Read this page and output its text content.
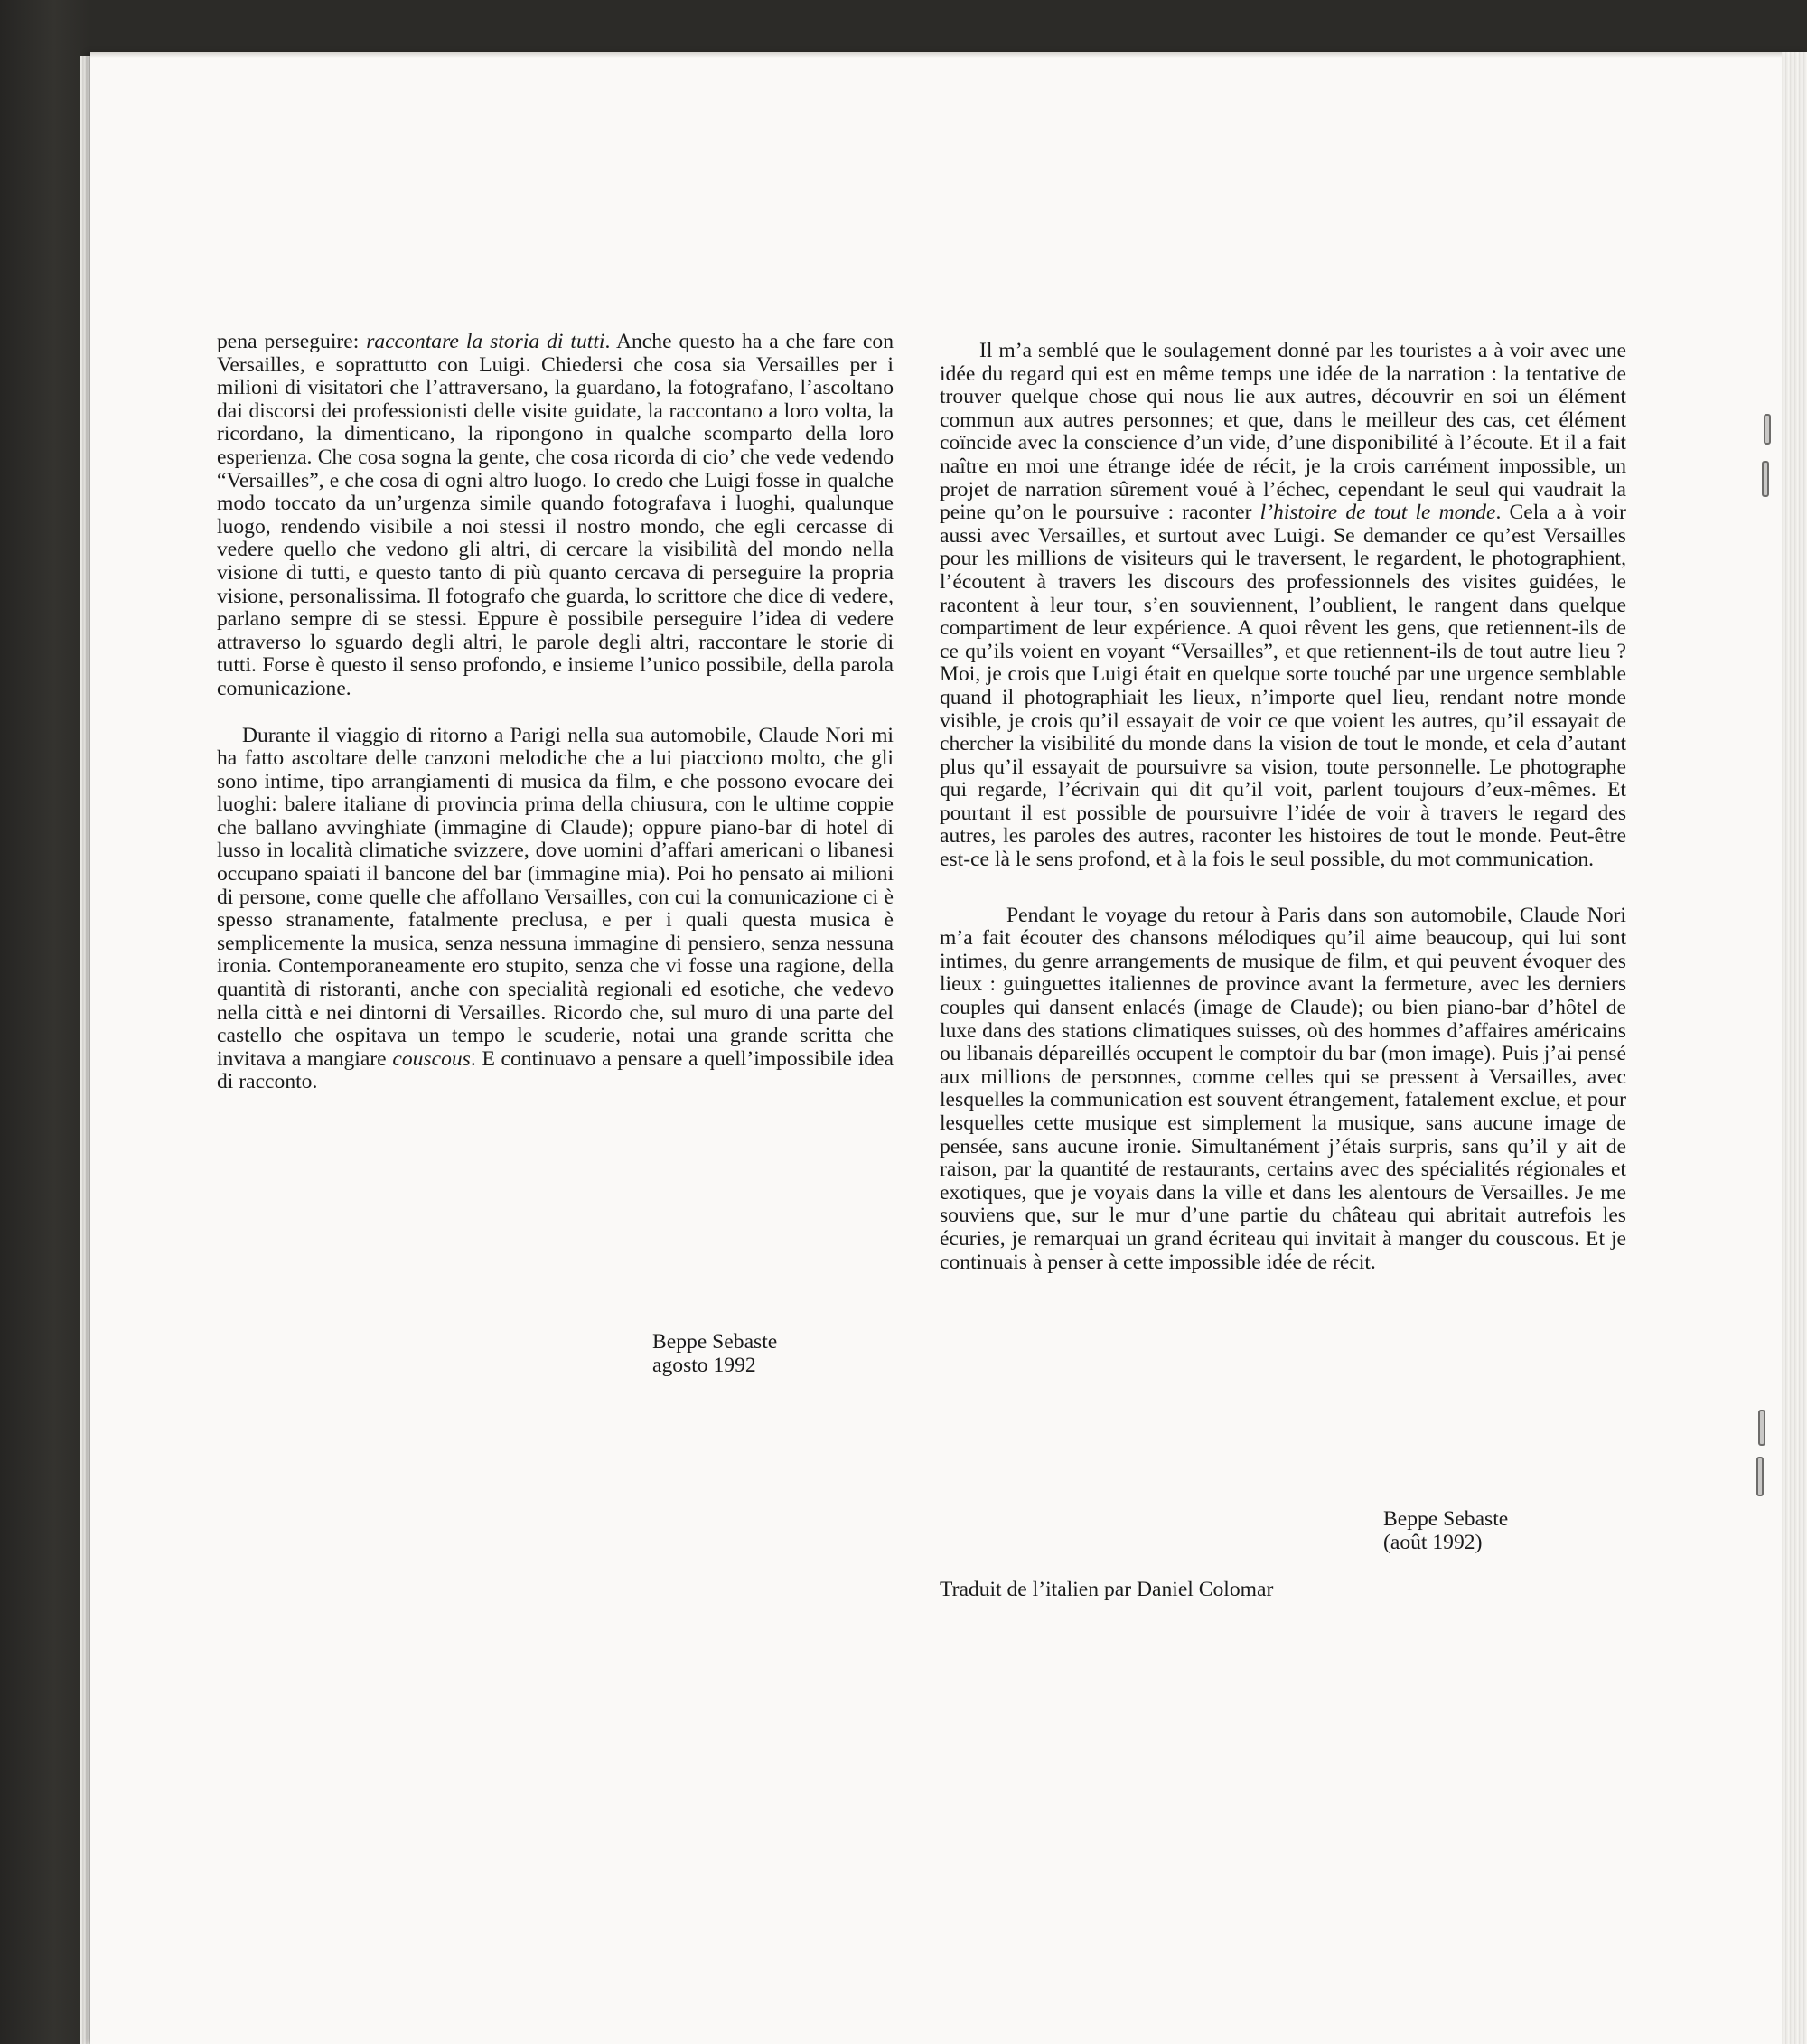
pena perseguire: raccontare la storia di tutti. Anche questo ha a che fare con Versailles, e soprattutto con Luigi. Chiedersi che cosa sia Versailles per i milioni di visitatori che l’attraversano, la guardano, la fotografano, l’ascoltano dai discorsi dei professionisti delle visite guidate, la raccontano a loro volta, la ricordano, la dimenticano, la ripongono in qualche scomparto della loro esperienza. Che cosa sogna la gente, che cosa ricorda di cio’ che vede vedendo “Versailles”, e che cosa di ogni altro luogo. Io credo che Luigi fosse in qualche modo toccato da un’urgenza simile quando fotografava i luoghi, qualunque luogo, rendendo visibile a noi stessi il nostro mondo, che egli cercasse di vedere quello che vedono gli altri, di cercare la visibilità del mondo nella visione di tutti, e questo tanto di più quanto cercava di perseguire la propria visione, personalissima. Il fotografo che guarda, lo scrittore che dice di vedere, parlano sempre di se stessi. Eppure è possibile perseguire l’idea di vedere attraverso lo sguardo degli altri, le parole degli altri, raccontare le storie di tutti. Forse è questo il senso profondo, e insieme l’unico possibile, della parola comunicazione.

Durante il viaggio di ritorno a Parigi nella sua automobile, Claude Nori mi ha fatto ascoltare delle canzoni melodiche che a lui piacciono molto, che gli sono intime, tipo arrangiamenti di musica da film, e che possono evocare dei luoghi: balere italiane di provincia prima della chiusura, con le ultime coppie che ballano avvinghiate (immagine di Claude); oppure piano-bar di hotel di lusso in località climatiche svizzere, dove uomini d’affari americani o libanesi occupano spaiati il bancone del bar (immagine mia). Poi ho pensato ai milioni di persone, come quelle che affollano Versailles, con cui la comunicazione ci è spesso stranamente, fatalmente preclusa, e per i quali questa musica è semplicemente la musica, senza nessuna immagine di pensiero, senza nessuna ironia. Contemporaneamente ero stupito, senza che vi fosse una ragione, della quantità di ristoranti, anche con specialità regionali ed esotiche, che vedevo nella città e nei dintorni di Versailles. Ricordo che, sul muro di una parte del castello che ospitava un tempo le scuderie, notai una grande scritta che invitava a mangiare couscous. E continuavo a pensare a quell’impossibile idea di racconto.

Beppe Sebaste
agosto 1992

Il m’a semblé que le soulagement donné par les touristes a à voir avec une idée du regard qui est en même temps une idée de la narration : la tentative de trouver quelque chose qui nous lie aux autres, découvrir en soi un élément commun aux autres personnes; et que, dans le meilleur des cas, cet élément coïncide avec la conscience d’un vide, d’une disponibilité à l’écoute. Et il a fait naître en moi une étrange idée de récit, je la crois carrément impossible, un projet de narration sûrement voué à l’échec, cependant le seul qui vaudrait la peine qu’on le poursuive : raconter l’histoire de tout le monde. Cela a à voir aussi avec Versailles, et surtout avec Luigi. Se demander ce qu’est Versailles pour les millions de visiteurs qui le traversent, le regardent, le photographient, l’écoutent à travers les discours des professionnels des visites guidées, le racontent à leur tour, s’en souviennent, l’oublient, le rangent dans quelque compartiment de leur expérience. A quoi rêvent les gens, que retiennent-ils de ce qu’ils voient en voyant “Versailles”, et que retiennent-ils de tout autre lieu ? Moi, je crois que Luigi était en quelque sorte touché par une urgence semblable quand il photographiait les lieux, n’importe quel lieu, rendant notre monde visible, je crois qu’il essayait de voir ce que voient les autres, qu’il essayait de chercher la visibilité du monde dans la vision de tout le monde, et cela d’autant plus qu’il essayait de poursuivre sa vision, toute personnelle. Le photographe qui regarde, l’écrivain qui dit qu’il voit, parlent toujours d’eux-mêmes. Et pourtant il est possible de poursuivre l’idée de voir à travers le regard des autres, les paroles des autres, raconter les histoires de tout le monde. Peut-être est-ce là le sens profond, et à la fois le seul possible, du mot communication.

Pendant le voyage du retour à Paris dans son automobile, Claude Nori m’a fait écouter des chansons mélodiques qu’il aime beaucoup, qui lui sont intimes, du genre arrangements de musique de film, et qui peuvent évoquer des lieux : guinguettes italiennes de province avant la fermeture, avec les derniers couples qui dansent enlacés (image de Claude); ou bien piano-bar d’hôtel de luxe dans des stations climatiques suisses, où des hommes d’affaires américains ou libanais dépareillés occupent le comptoir du bar (mon image). Puis j’ai pensé aux millions de personnes, comme celles qui se pressent à Versailles, avec lesquelles la communication est souvent étrangement, fatalement exclue, et pour lesquelles cette musique est simplement la musique, sans aucune image de pensée, sans aucune ironie. Simultanément j’étais surpris, sans qu’il y ait de raison, par la quantité de restaurants, certains avec des spécialités régionales et exotiques, que je voyais dans la ville et dans les alentours de Versailles. Je me souviens que, sur le mur d’une partie du château qui abritait autrefois les écuries, je remarquai un grand écriteau qui invitait à manger du couscous. Et je continuais à penser à cette impossible idée de récit.

Beppe Sebaste
(août 1992)
Traduit de l’italien par Daniel Colomar
